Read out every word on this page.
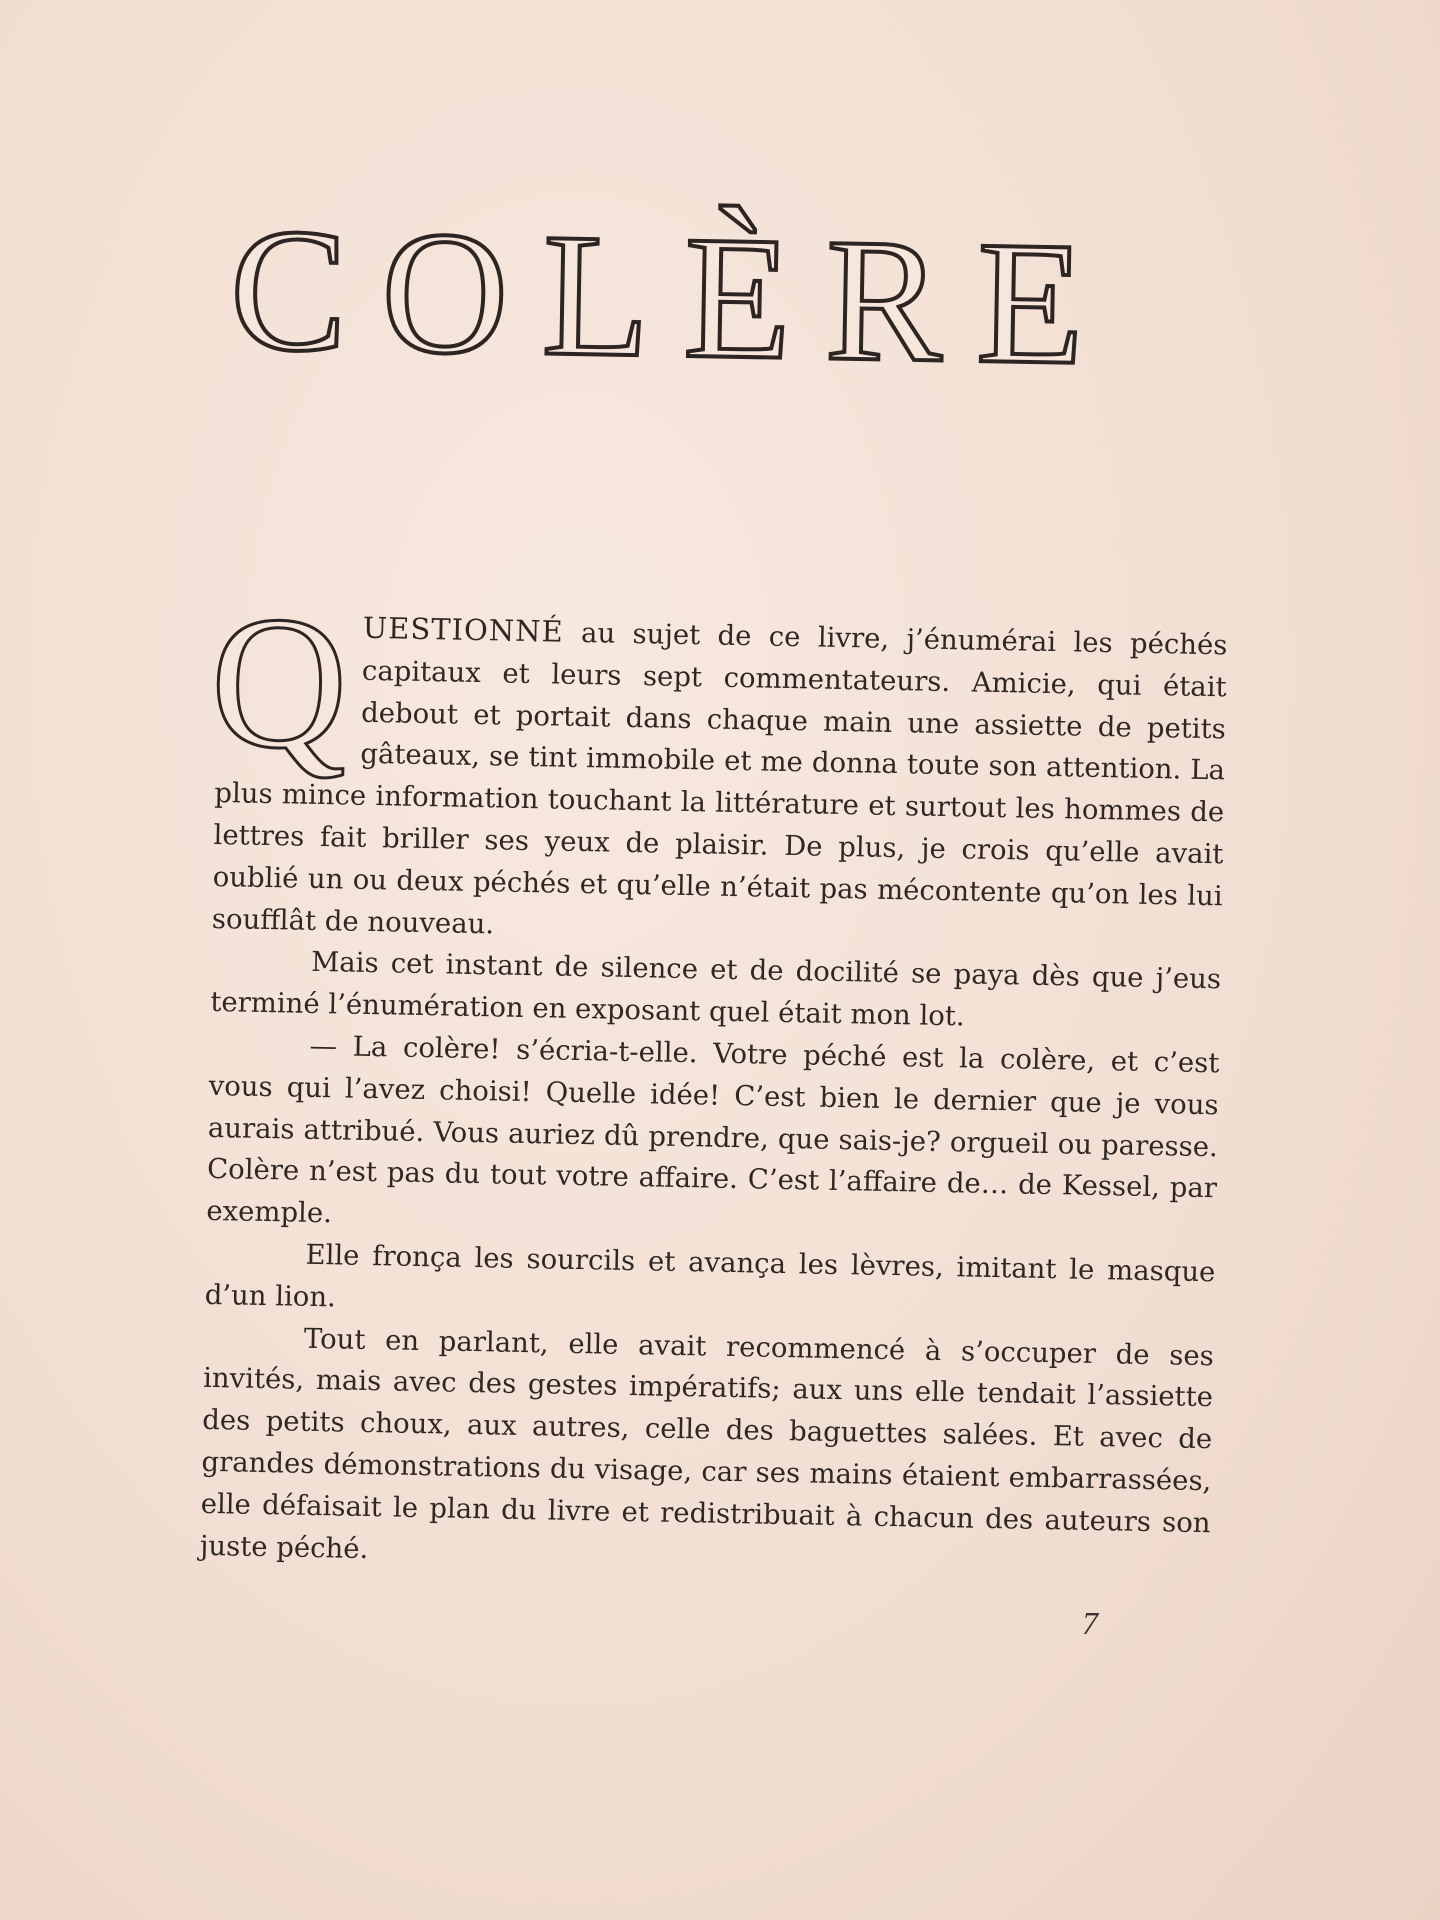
COLÈRE

QUESTIONNÉ au sujet de ce livre, j’énumérai les péchés capitaux et leurs sept commentateurs. Amicie, qui était debout et portait dans chaque main une assiette de petits gâteaux, se tint immobile et me donna toute son attention. La plus mince information touchant la littérature et surtout les hommes de lettres fait briller ses yeux de plaisir. De plus, je crois qu’elle avait oublié un ou deux péchés et qu’elle n’était pas mécontente qu’on les lui soufflât de nouveau.

Mais cet instant de silence et de docilité se paya dès que j’eus terminé l’énumération en exposant quel était mon lot.

— La colère! s’écria-t-elle. Votre péché est la colère, et c’est vous qui l’avez choisi! Quelle idée! C’est bien le dernier que je vous aurais attribué. Vous auriez dû prendre, que sais-je? orgueil ou paresse. Colère n’est pas du tout votre affaire. C’est l’affaire de… de Kessel, par exemple.

Elle fronça les sourcils et avança les lèvres, imitant le masque d’un lion.

Tout en parlant, elle avait recommencé à s’occuper de ses invités, mais avec des gestes impératifs; aux uns elle tendait l’assiette des petits choux, aux autres, celle des baguettes salées. Et avec de grandes démonstrations du visage, car ses mains étaient embarrassées, elle défaisait le plan du livre et redistribuait à chacun des auteurs son juste péché.

7
